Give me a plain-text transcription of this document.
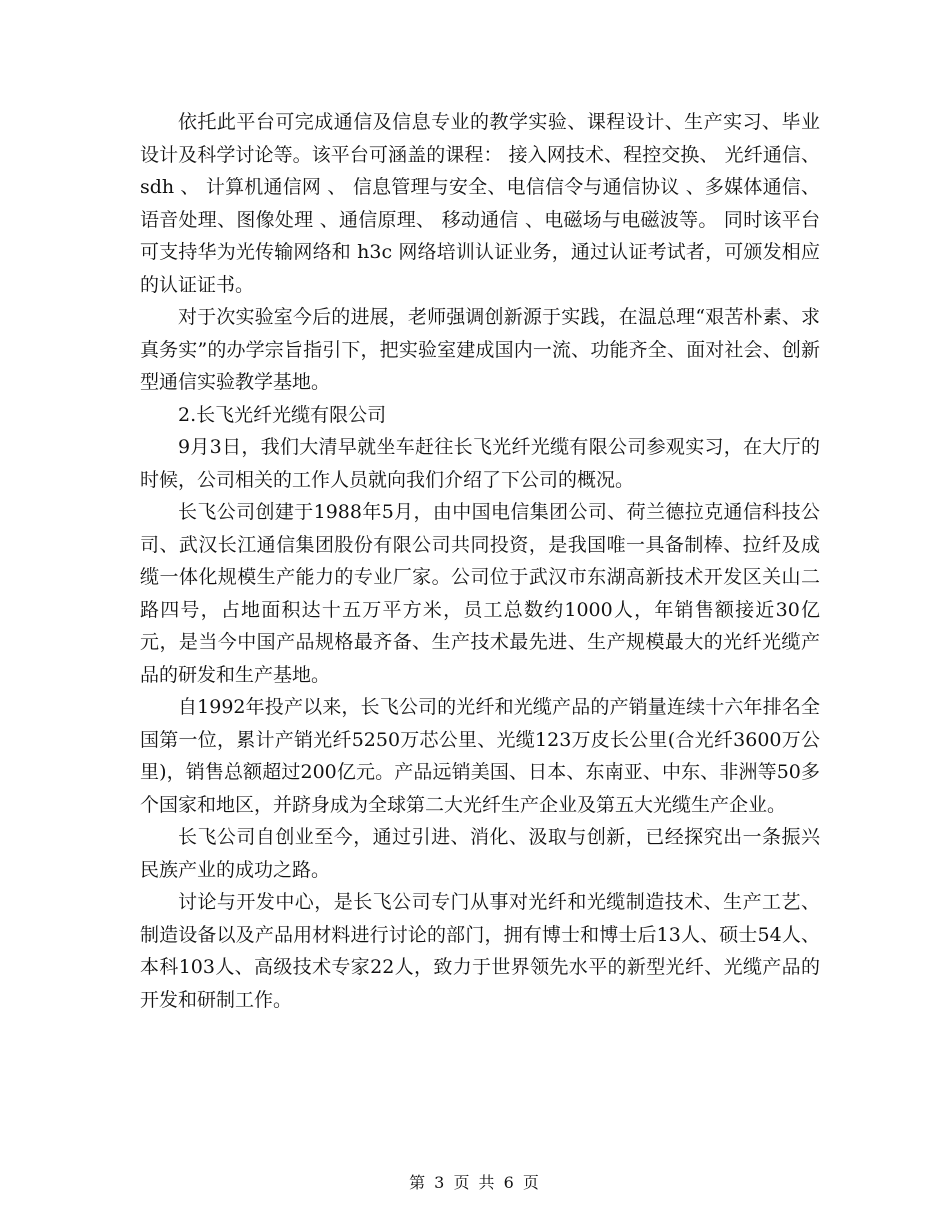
依托此平台可完成通信及信息专业的教学实验、课程设计、生产实习、毕业设计及科学讨论等。该平台可涵盖的课程： 接入网技术、程控交换、 光纤通信、 sdh 、 计算机通信网 、 信息管理与安全、电信信令与通信协议 、多媒体通信、语音处理、图像处理 、通信原理、 移动通信 、电磁场与电磁波等。 同时该平台可支持华为光传输网络和 h3c 网络培训认证业务，通过认证考试者，可颁发相应的认证证书。

对于次实验室今后的进展，老师强调创新源于实践，在温总理“艰苦朴素、求真务实”的办学宗旨指引下，把实验室建成国内一流、功能齐全、面对社会、创新型通信实验教学基地。

2.长飞光纤光缆有限公司

9月3日，我们大清早就坐车赶往长飞光纤光缆有限公司参观实习，在大厅的时候，公司相关的工作人员就向我们介绍了下公司的概况。

长飞公司创建于1988年5月，由中国电信集团公司、荷兰德拉克通信科技公司、武汉长江通信集团股份有限公司共同投资，是我国唯一具备制棒、拉纤及成缆一体化规模生产能力的专业厂家。公司位于武汉市东湖高新技术开发区关山二路四号，占地面积达十五万平方米，员工总数约1000人，年销售额接近30亿元，是当今中国产品规格最齐备、生产技术最先进、生产规模最大的光纤光缆产品的研发和生产基地。

自1992年投产以来，长飞公司的光纤和光缆产品的产销量连续十六年排名全国第一位，累计产销光纤5250万芯公里、光缆123万皮长公里(合光纤3600万公里)，销售总额超过200亿元。产品远销美国、日本、东南亚、中东、非洲等50多个国家和地区，并跻身成为全球第二大光纤生产企业及第五大光缆生产企业。

长飞公司自创业至今，通过引进、消化、汲取与创新，已经探究出一条振兴民族产业的成功之路。

讨论与开发中心，是长飞公司专门从事对光纤和光缆制造技术、生产工艺、制造设备以及产品用材料进行讨论的部门，拥有博士和博士后13人、硕士54人、本科103人、高级技术专家22人，致力于世界领先水平的新型光纤、光缆产品的开发和研制工作。

第 3 页 共 6 页
